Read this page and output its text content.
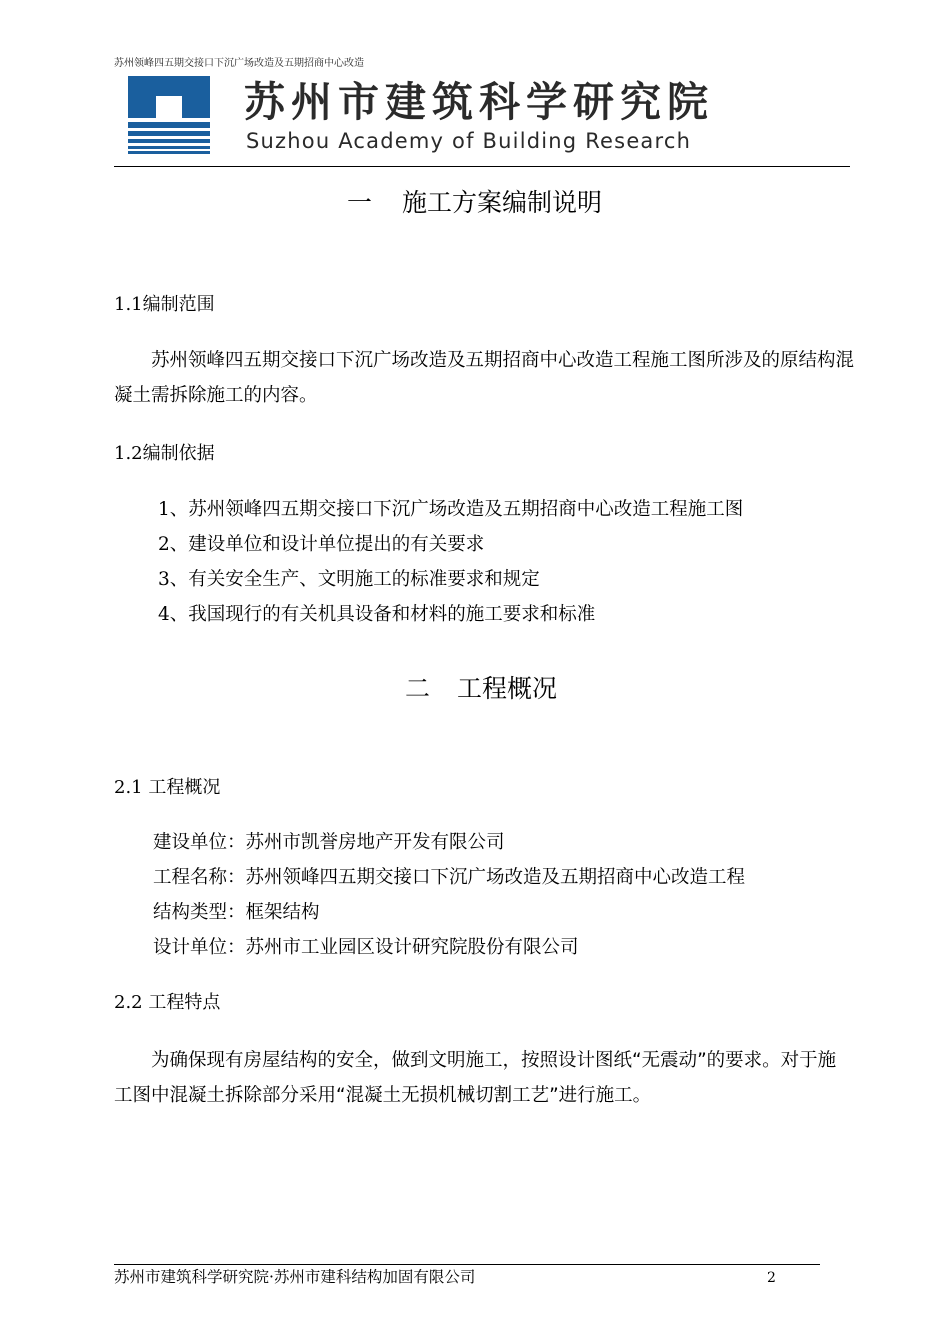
苏州领峰四五期交接口下沉广场改造及五期招商中心改造
苏州市建筑科学研究院
Suzhou Academy of Building Research
一 施工方案编制说明
1.1编制范围
苏州领峰四五期交接口下沉广场改造及五期招商中心改造工程施工图所涉及的原结构混凝土需拆除施工的内容。
1.2编制依据
1、苏州领峰四五期交接口下沉广场改造及五期招商中心改造工程施工图
2、建设单位和设计单位提出的有关要求
3、有关安全生产、文明施工的标准要求和规定
4、我国现行的有关机具设备和材料的施工要求和标准
二 工程概况
2.1 工程概况
建设单位：苏州市凯誉房地产开发有限公司
工程名称：苏州领峰四五期交接口下沉广场改造及五期招商中心改造工程
结构类型：框架结构
设计单位：苏州市工业园区设计研究院股份有限公司
2.2 工程特点
为确保现有房屋结构的安全，做到文明施工，按照设计图纸“无震动”的要求。对于施工图中混凝土拆除部分采用“混凝土无损机械切割工艺”进行施工。
苏州市建筑科学研究院·苏州市建科结构加固有限公司	2
